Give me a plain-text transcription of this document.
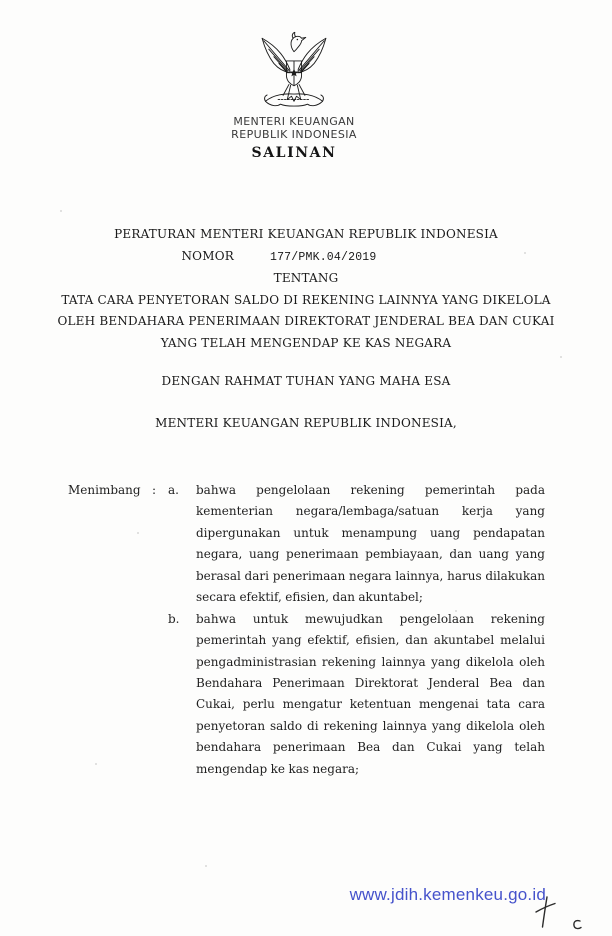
MENTERI KEUANGAN
REPUBLIK INDONESIA
SALINAN
PERATURAN MENTERI KEUANGAN REPUBLIK INDONESIA
NOMOR	177/PMK.04/2019
TENTANG
TATA CARA PENYETORAN SALDO DI REKENING LAINNYA YANG DIKELOLA
OLEH BENDAHARA PENERIMAAN DIREKTORAT JENDERAL BEA DAN CUKAI
YANG TELAH MENGENDAP KE KAS NEGARA
DENGAN RAHMAT TUHAN YANG MAHA ESA
MENTERI KEUANGAN REPUBLIK INDONESIA,
Menimbang : a. bahwa pengelolaan rekening pemerintah pada
kementerian negara/lembaga/satuan kerja yang
dipergunakan untuk menampung uang pendapatan
negara, uang penerimaan pembiayaan, dan uang yang
berasal dari penerimaan negara lainnya, harus dilakukan
secara efektif, efisien, dan akuntabel;
b. bahwa untuk mewujudkan pengelolaan rekening
pemerintah yang efektif, efisien, dan akuntabel melalui
pengadministrasian rekening lainnya yang dikelola oleh
Bendahara Penerimaan Direktorat Jenderal Bea dan
Cukai, perlu mengatur ketentuan mengenai tata cara
penyetoran saldo di rekening lainnya yang dikelola oleh
bendahara penerimaan Bea dan Cukai yang telah
mengendap ke kas negara;
www.jdih.kemenkeu.go.id
